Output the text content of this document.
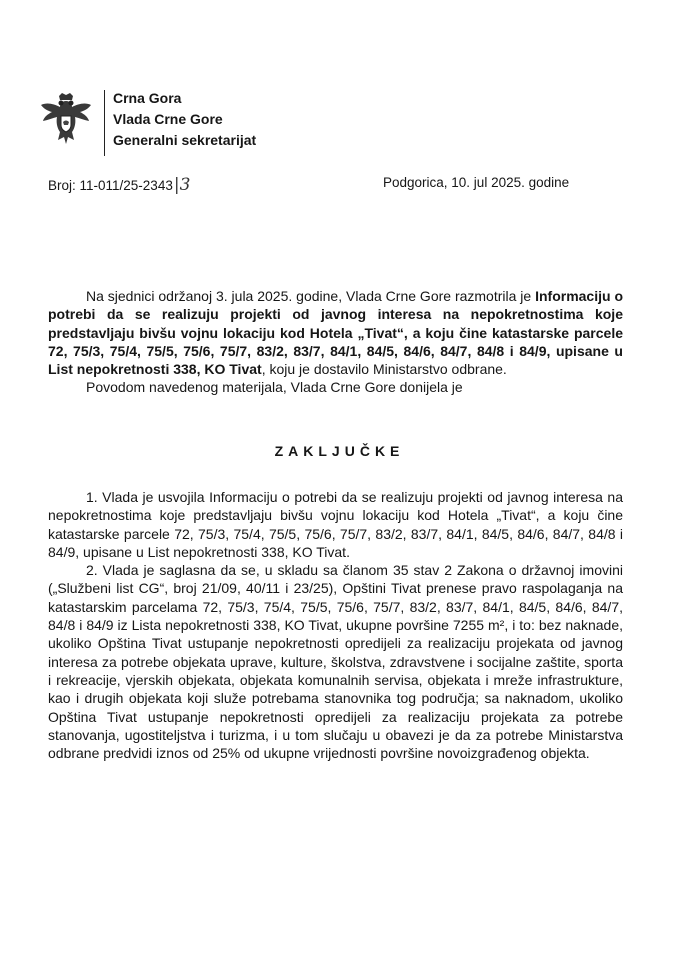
Crna Gora
Vlada Crne Gore
Generalni sekretarijat
Broj: 11-011/25-2343|3	Podgorica, 10. jul 2025. godine

Na sjednici održanoj 3. jula 2025. godine, Vlada Crne Gore razmotrila je Informaciju o potrebi da se realizuju projekti od javnog interesa na nepokretnostima koje predstavljaju bivšu vojnu lokaciju kod Hotela „Tivat“, a koju čine katastarske parcele 72, 75/3, 75/4, 75/5, 75/6, 75/7, 83/2, 83/7, 84/1, 84/5, 84/6, 84/7, 84/8 i 84/9, upisane u List nepokretnosti 338, KO Tivat, koju je dostavilo Ministarstvo odbrane.

Povodom navedenog materijala, Vlada Crne Gore donijela je

ZAKLJUČKE

1. Vlada je usvojila Informaciju o potrebi da se realizuju projekti od javnog interesa na nepokretnostima koje predstavljaju bivšu vojnu lokaciju kod Hotela „Tivat“, a koju čine katastarske parcele 72, 75/3, 75/4, 75/5, 75/6, 75/7, 83/2, 83/7, 84/1, 84/5, 84/6, 84/7, 84/8 i 84/9, upisane u List nepokretnosti 338, KO Tivat.

2. Vlada je saglasna da se, u skladu sa članom 35 stav 2 Zakona o državnoj imovini („Službeni list CG“, broj 21/09, 40/11 i 23/25), Opštini Tivat prenese pravo raspolaganja na katastarskim parcelama 72, 75/3, 75/4, 75/5, 75/6, 75/7, 83/2, 83/7, 84/1, 84/5, 84/6, 84/7, 84/8 i 84/9 iz Lista nepokretnosti 338, KO Tivat, ukupne površine 7255 m², i to: bez naknade, ukoliko Opština Tivat ustupanje nepokretnosti opredijeli za realizaciju projekata od javnog interesa za potrebe objekata uprave, kulture, školstva, zdravstvene i socijalne zaštite, sporta i rekreacije, vjerskih objekata, objekata komunalnih servisa, objekata i mreže infrastrukture, kao i drugih objekata koji služe potrebama stanovnika tog područja; sa naknadom, ukoliko Opština Tivat ustupanje nepokretnosti opredijeli za realizaciju projekata za potrebe stanovanja, ugostiteljstva i turizma, i u tom slučaju u obavezi je da za potrebe Ministarstva odbrane predvidi iznos od 25% od ukupne vrijednosti površine novoizgrađenog objekta.
